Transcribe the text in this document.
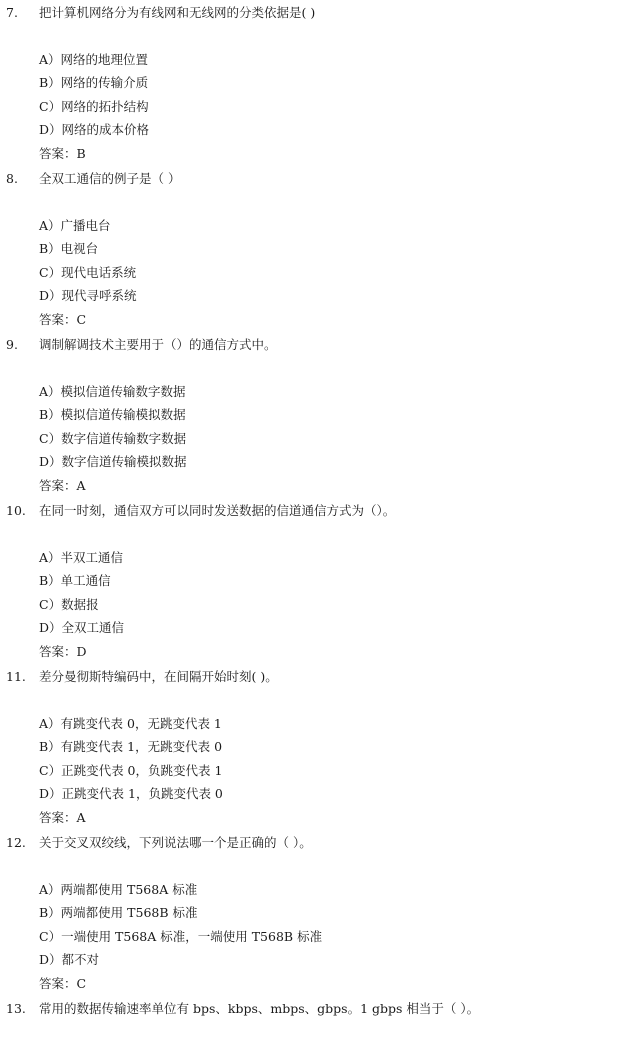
7.	把计算机网络分为有线网和无线网的分类依据是( )
A）网络的地理位置
B）网络的传输介质
C）网络的拓扑结构
D）网络的成本价格
答案：B
8.	全双工通信的例子是（ ）
A）广播电台
B）电视台
C）现代电话系统
D）现代寻呼系统
答案：C
9.	调制解调技术主要用于（）的通信方式中。
A）模拟信道传输数字数据
B）模拟信道传输模拟数据
C）数字信道传输数字数据
D）数字信道传输模拟数据
答案：A
10.	在同一时刻，通信双方可以同时发送数据的信道通信方式为（）。
A）半双工通信
B）单工通信
C）数据报
D）全双工通信
答案：D
11.	差分曼彻斯特编码中，在间隔开始时刻( )。
A）有跳变代表 0，无跳变代表 1
B）有跳变代表 1，无跳变代表 0
C）正跳变代表 0，负跳变代表 1
D）正跳变代表 1，负跳变代表 0
答案：A
12.	关于交叉双绞线，下列说法哪一个是正确的（ ）。
A）两端都使用 T568A 标准
B）两端都使用 T568B 标准
C）一端使用 T568A 标准，一端使用 T568B 标准
D）都不对
答案：C
13.	常用的数据传输速率单位有 bps、kbps、mbps、gbps。1 gbps 相当于（ ）。
